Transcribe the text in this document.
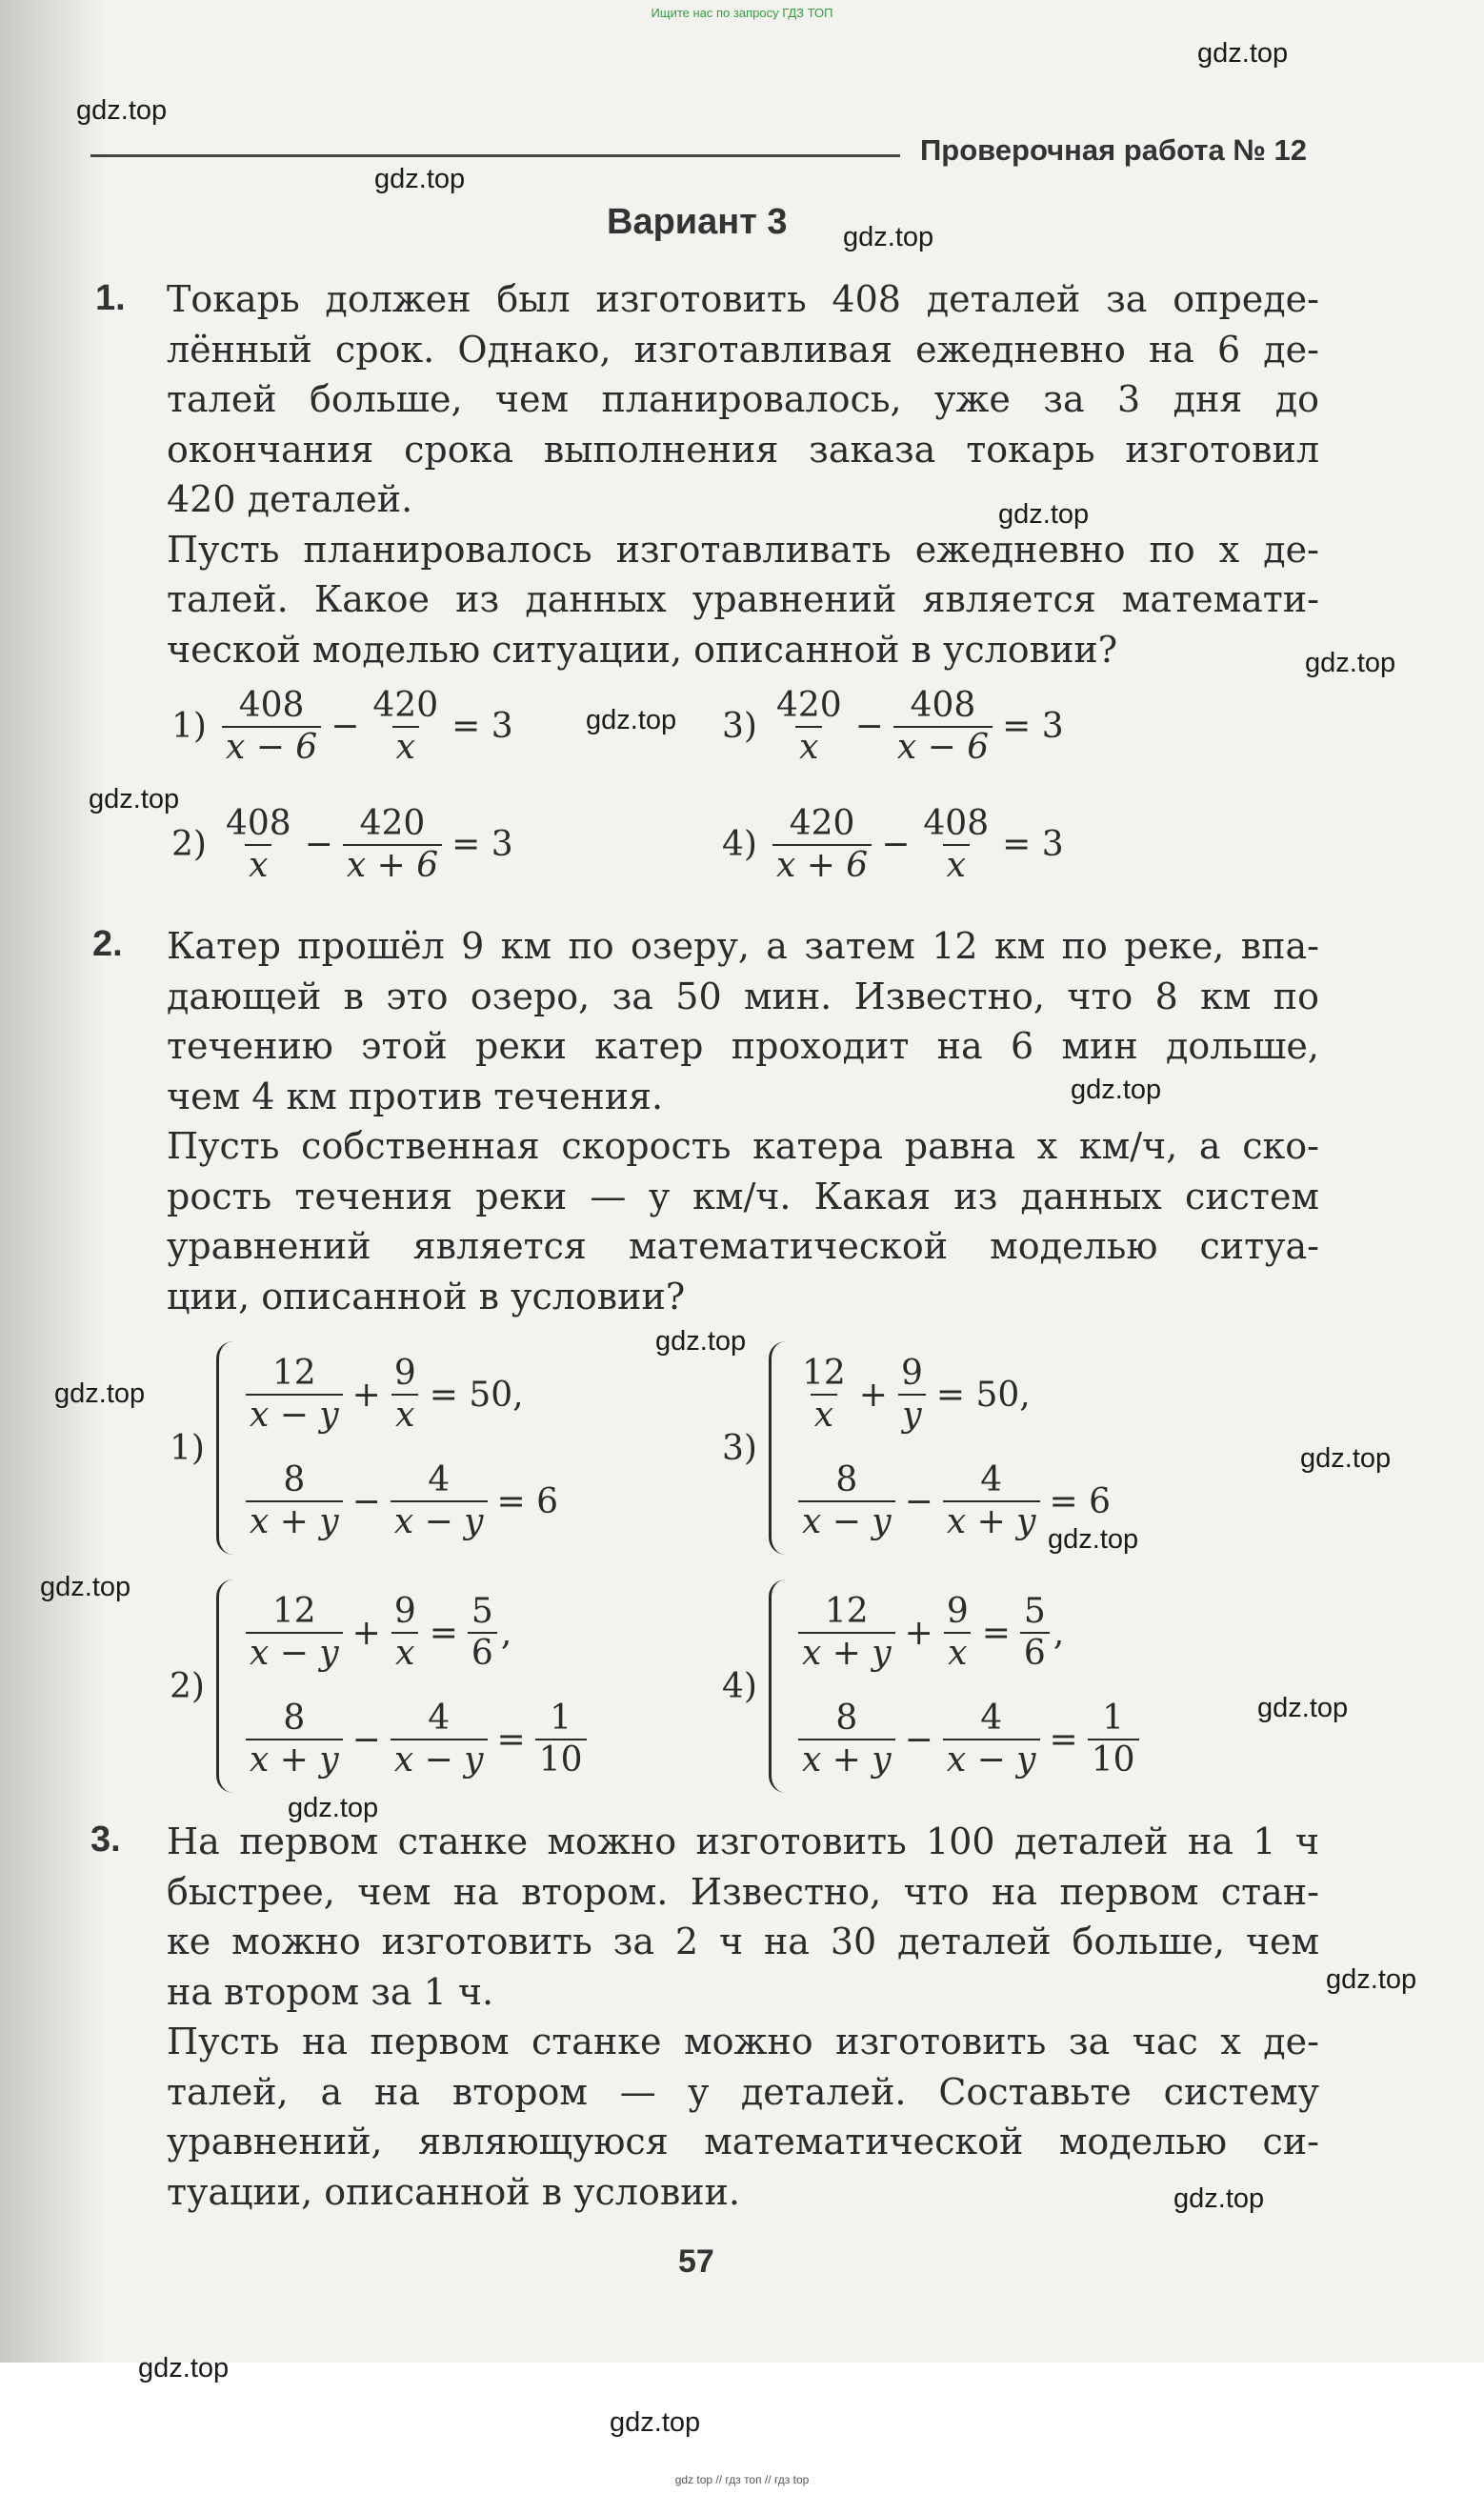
Ищите нас по запросу ГДЗ ТОП
gdz.top
gdz.top
gdz.top
gdz.top
gdz.top
gdz.top
gdz.top
gdz.top
gdz.top
gdz.top
gdz.top
gdz.top
gdz.top
gdz.top
gdz.top
gdz.top
gdz.top
gdz.top
gdz.top
gdz.top
Проверочная работа № 12
Вариант 3
1. Токарь должен был изготовить 408 деталей за опреде-
лённый срок. Однако, изготавливая ежедневно на 6 де-
талей больше, чем планировалось, уже за 3 дня до
окончания срока выполнения заказа токарь изготовил
420 деталей.
Пусть планировалось изготавливать ежедневно по x де-
талей. Какое из данных уравнений является математи-
ческой моделью ситуации, описанной в условии?
$1) \frac{408}{x - 6} - \frac{420}{x} = 3$
$2) \frac{408}{x} - \frac{420}{x + 6} = 3$
$3) \frac{420}{x} - \frac{408}{x - 6} = 3$
$4) \frac{420}{x + 6} - \frac{408}{x} = 3$
2. Катер прошёл 9 км по озеру, а затем 12 км по реке, впа-
дающей в это озеро, за 50 мин. Известно, что 8 км по
течению этой реки катер проходит на 6 мин дольше,
чем 4 км против течения.
Пусть собственная скорость катера равна x км/ч, а ско-
рость течения реки — y км/ч. Какая из данных систем
уравнений является математической моделью ситуа-
ции, описанной в условии?
1)
$\frac{12}{x - y} + \frac{9}{x} = 50$,
$\frac{8}{x + y} - \frac{4}{x - y} = 6$
3)
$\frac{12}{x} + \frac{9}{y} = 50$,
$\frac{8}{x - y} - \frac{4}{x + y} = 6$
2)
$\frac{12}{x - y} + \frac{9}{x} = \frac{5}{6}$ ,
$\frac{8}{x + y} - \frac{4}{x - y} = \frac{1}{10}$
4)
$\frac{12}{x + y} + \frac{9}{x} = \frac{5}{6}$ ,
$\frac{8}{x + y} - \frac{4}{x - y} = \frac{1}{10}$
3. На первом станке можно изготовить 100 деталей на 1 ч
быстрее, чем на втором. Известно, что на первом стан-
ке можно изготовить за 2 ч на 30 деталей больше, чем
на втором за 1 ч.
Пусть на первом станке можно изготовить за час x де-
талей, а на втором — y деталей. Составьте систему
уравнений, являющуюся математической моделью си-
туации, описанной в условии.
57
gdz top // гдз топ // гдз top
